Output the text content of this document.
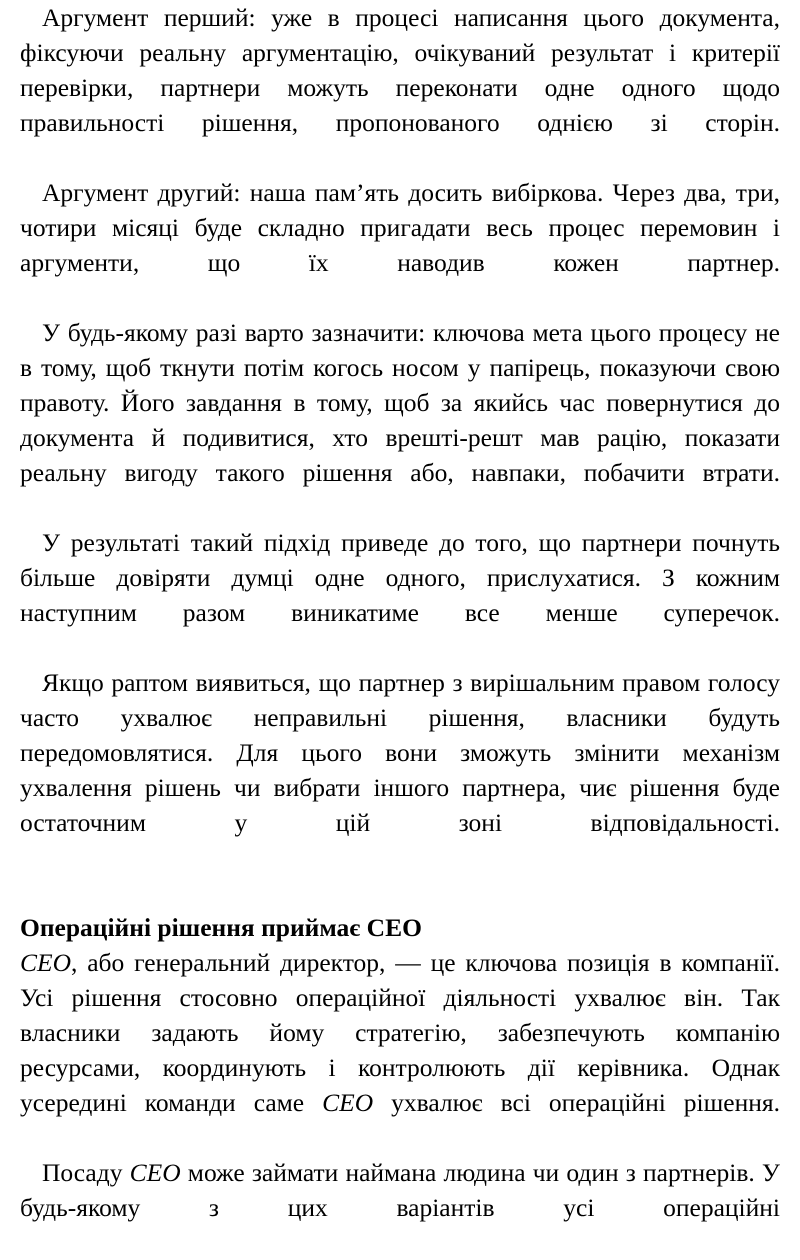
Аргумент перший: уже в процесі написання цього документа, фіксуючи реальну аргументацію, очікуваний результат і критерії перевірки, партнери можуть переконати одне одного щодо правильності рішення, пропонованого однією зі сторін.

Аргумент другий: наша пам’ять досить вибіркова. Через два, три, чотири місяці буде складно пригадати весь процес перемовин і аргументи, що їх наводив кожен партнер.

У будь-якому разі варто зазначити: ключова мета цього процесу не в тому, щоб ткнути потім когось носом у папірець, показуючи свою правоту. Його завдання в тому, щоб за якийсь час повернутися до документа й подивитися, хто врешті-решт мав рацію, показати реальну вигоду такого рішення або, навпаки, побачити втрати.

У результаті такий підхід приведе до того, що партнери почнуть більше довіряти думці одне одного, прислухатися. З кожним наступним разом виникатиме все менше суперечок.

Якщо раптом виявиться, що партнер з вирішальним правом голосу часто ухвалює неправильні рішення, власники будуть передомовлятися. Для цього вони зможуть змінити механізм ухвалення рішень чи вибрати іншого партнера, чиє рішення буде остаточним у цій зоні відповідальності.

Операційні рішення приймає CEO

CEO, або генеральний директор, — це ключова позиція в компанії. Усі рішення стосовно операційної діяльності ухвалює він. Так власники задають йому стратегію, забезпечують компанію ресурсами, координують і контролюють дії керівника. Однак усередині команди саме CEO ухвалює всі операційні рішення.

Посаду CEO може займати наймана людина чи один з партнерів. У будь-якому з цих варіантів усі операційні
